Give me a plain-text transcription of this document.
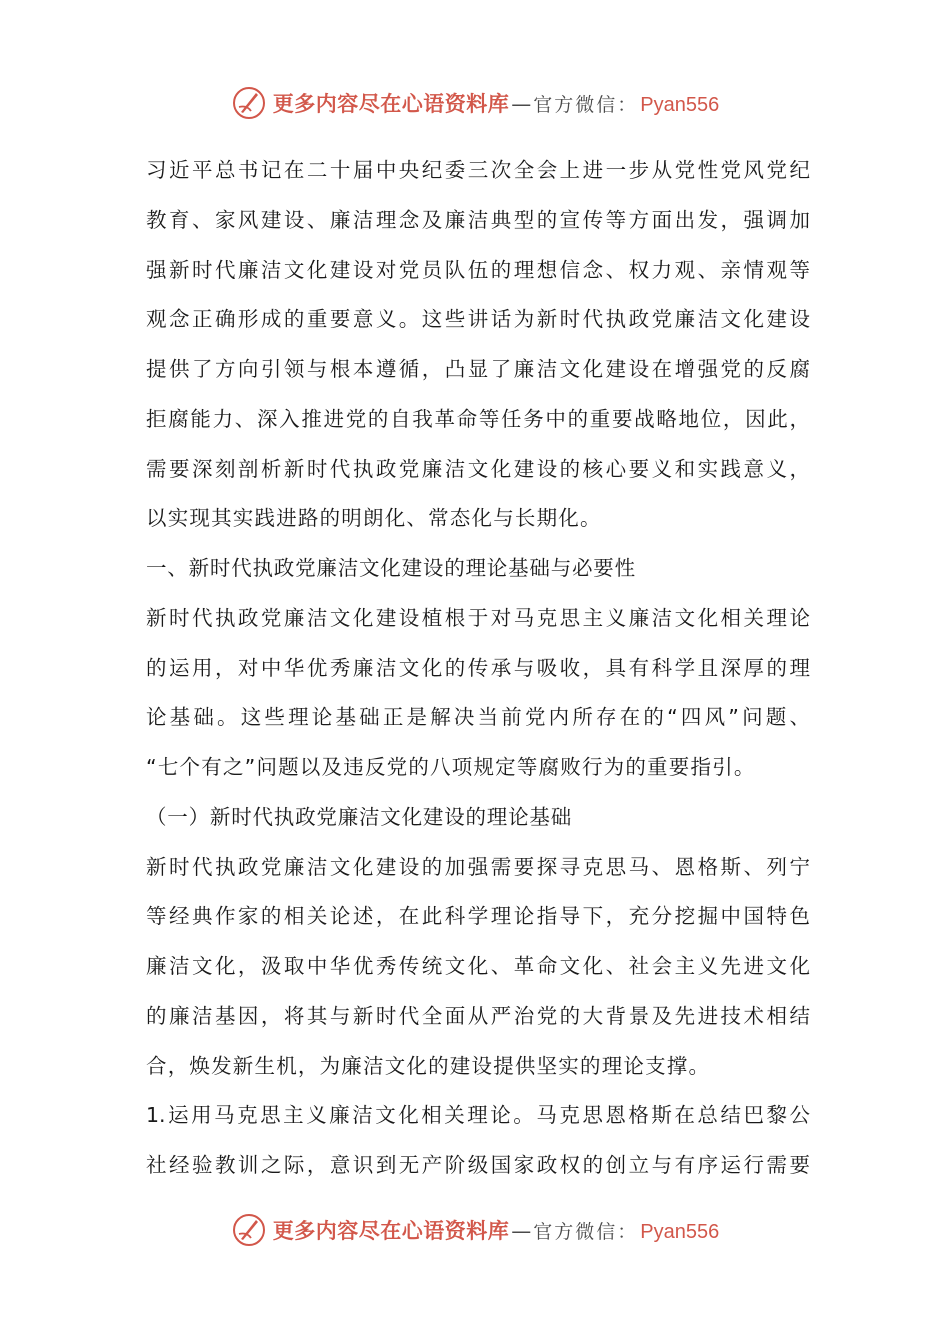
更多内容尽在心语资料库 — 官方微信： Pyan556
习近平总书记在二十届中央纪委三次全会上进一步从党性党风党纪
教育、家风建设、廉洁理念及廉洁典型的宣传等方面出发，强调加
强新时代廉洁文化建设对党员队伍的理想信念、权力观、亲情观等
观念正确形成的重要意义。这些讲话为新时代执政党廉洁文化建设
提供了方向引领与根本遵循，凸显了廉洁文化建设在增强党的反腐
拒腐能力、深入推进党的自我革命等任务中的重要战略地位，因此，
需要深刻剖析新时代执政党廉洁文化建设的核心要义和实践意义，
以实现其实践进路的明朗化、常态化与长期化。
一、新时代执政党廉洁文化建设的理论基础与必要性
新时代执政党廉洁文化建设植根于对马克思主义廉洁文化相关理论
的运用，对中华优秀廉洁文化的传承与吸收，具有科学且深厚的理
论基础。这些理论基础正是解决当前党内所存在的“四风”问题、
“七个有之”问题以及违反党的八项规定等腐败行为的重要指引。
（一）新时代执政党廉洁文化建设的理论基础
新时代执政党廉洁文化建设的加强需要探寻克思马、恩格斯、列宁
等经典作家的相关论述，在此科学理论指导下，充分挖掘中国特色
廉洁文化，汲取中华优秀传统文化、革命文化、社会主义先进文化
的廉洁基因，将其与新时代全面从严治党的大背景及先进技术相结
合，焕发新生机，为廉洁文化的建设提供坚实的理论支撑。
1.运用马克思主义廉洁文化相关理论。马克思恩格斯在总结巴黎公
社经验教训之际，意识到无产阶级国家政权的创立与有序运行需要
更多内容尽在心语资料库 — 官方微信： Pyan556
